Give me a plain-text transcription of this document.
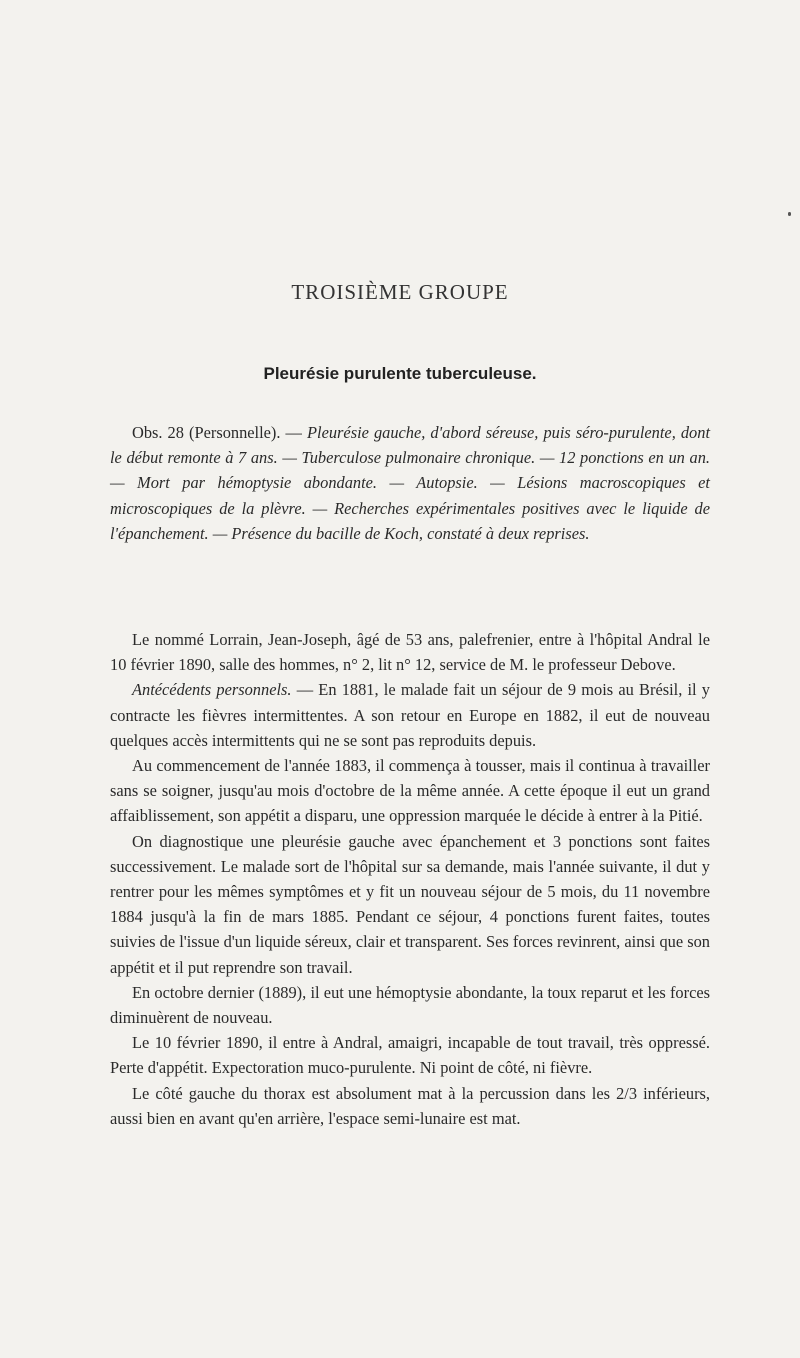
TROISIÈME GROUPE
Pleurésie purulente tuberculeuse.

Obs. 28 (Personnelle). — Pleurésie gauche, d'abord séreuse, puis séro-purulente, dont le début remonte à 7 ans. — Tuberculose pulmonaire chronique. — 12 ponctions en un an. — Mort par hémoptysie abondante. — Autopsie. — Lésions macroscopiques et microscopiques de la plèvre. — Recherches expérimentales positives avec le liquide de l'épanchement. — Présence du bacille de Koch, constaté à deux reprises.

Le nommé Lorrain, Jean-Joseph, âgé de 53 ans, palefrenier, entre à l'hôpital Andral le 10 février 1890, salle des hommes, n° 2, lit n° 12, service de M. le professeur Debove.

Antécédents personnels. — En 1881, le malade fait un séjour de 9 mois au Brésil, il y contracte les fièvres intermittentes. A son retour en Europe en 1882, il eut de nouveau quelques accès intermittents qui ne se sont pas reproduits depuis.

Au commencement de l'année 1883, il commença à tousser, mais il continua à travailler sans se soigner, jusqu'au mois d'octobre de la même année. A cette époque il eut un grand affaiblissement, son appétit a disparu, une oppression marquée le décide à entrer à la Pitié.

On diagnostique une pleurésie gauche avec épanchement et 3 ponctions sont faites successivement. Le malade sort de l'hôpital sur sa demande, mais l'année suivante, il dut y rentrer pour les mêmes symptômes et y fit un nouveau séjour de 5 mois, du 11 novembre 1884 jusqu'à la fin de mars 1885. Pendant ce séjour, 4 ponctions furent faites, toutes suivies de l'issue d'un liquide séreux, clair et transparent. Ses forces revinrent, ainsi que son appétit et il put reprendre son travail.

En octobre dernier (1889), il eut une hémoptysie abondante, la toux reparut et les forces diminuèrent de nouveau.

Le 10 février 1890, il entre à Andral, amaigri, incapable de tout travail, très oppressé. Perte d'appétit. Expectoration muco-purulente. Ni point de côté, ni fièvre.

Le côté gauche du thorax est absolument mat à la percussion dans les 2/3 inférieurs, aussi bien en avant qu'en arrière, l'espace semi-lunaire est mat.
